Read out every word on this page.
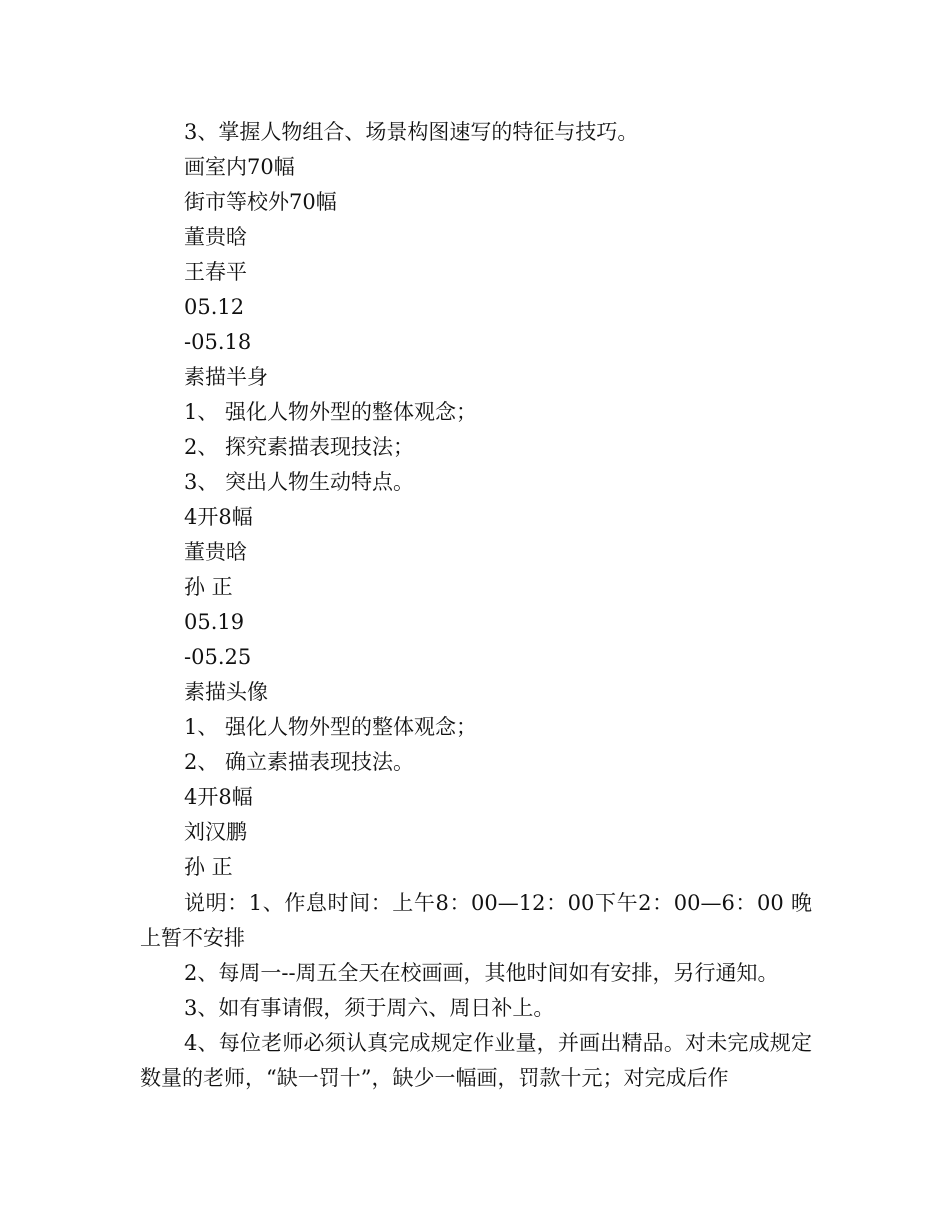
3、掌握人物组合、场景构图速写的特征与技巧。
画室内70幅
街市等校外70幅
董贵晗
王春平
05.12
-05.18
素描半身
1、 强化人物外型的整体观念；
2、 探究素描表现技法；
3、 突出人物生动特点。
4开8幅
董贵晗
孙 正
05.19
-05.25
素描头像
1、 强化人物外型的整体观念；
2、 确立素描表现技法。
4开8幅
刘汉鹏
孙 正
说明：1、作息时间：上午8：00—12：00下午2：00—6：00 晚上暂不安排
2、每周一--周五全天在校画画，其他时间如有安排，另行通知。
3、如有事请假，须于周六、周日补上。
4、每位老师必须认真完成规定作业量，并画出精品。对未完成规定数量的老师，“缺一罚十”，缺少一幅画，罚款十元；对完成后作
